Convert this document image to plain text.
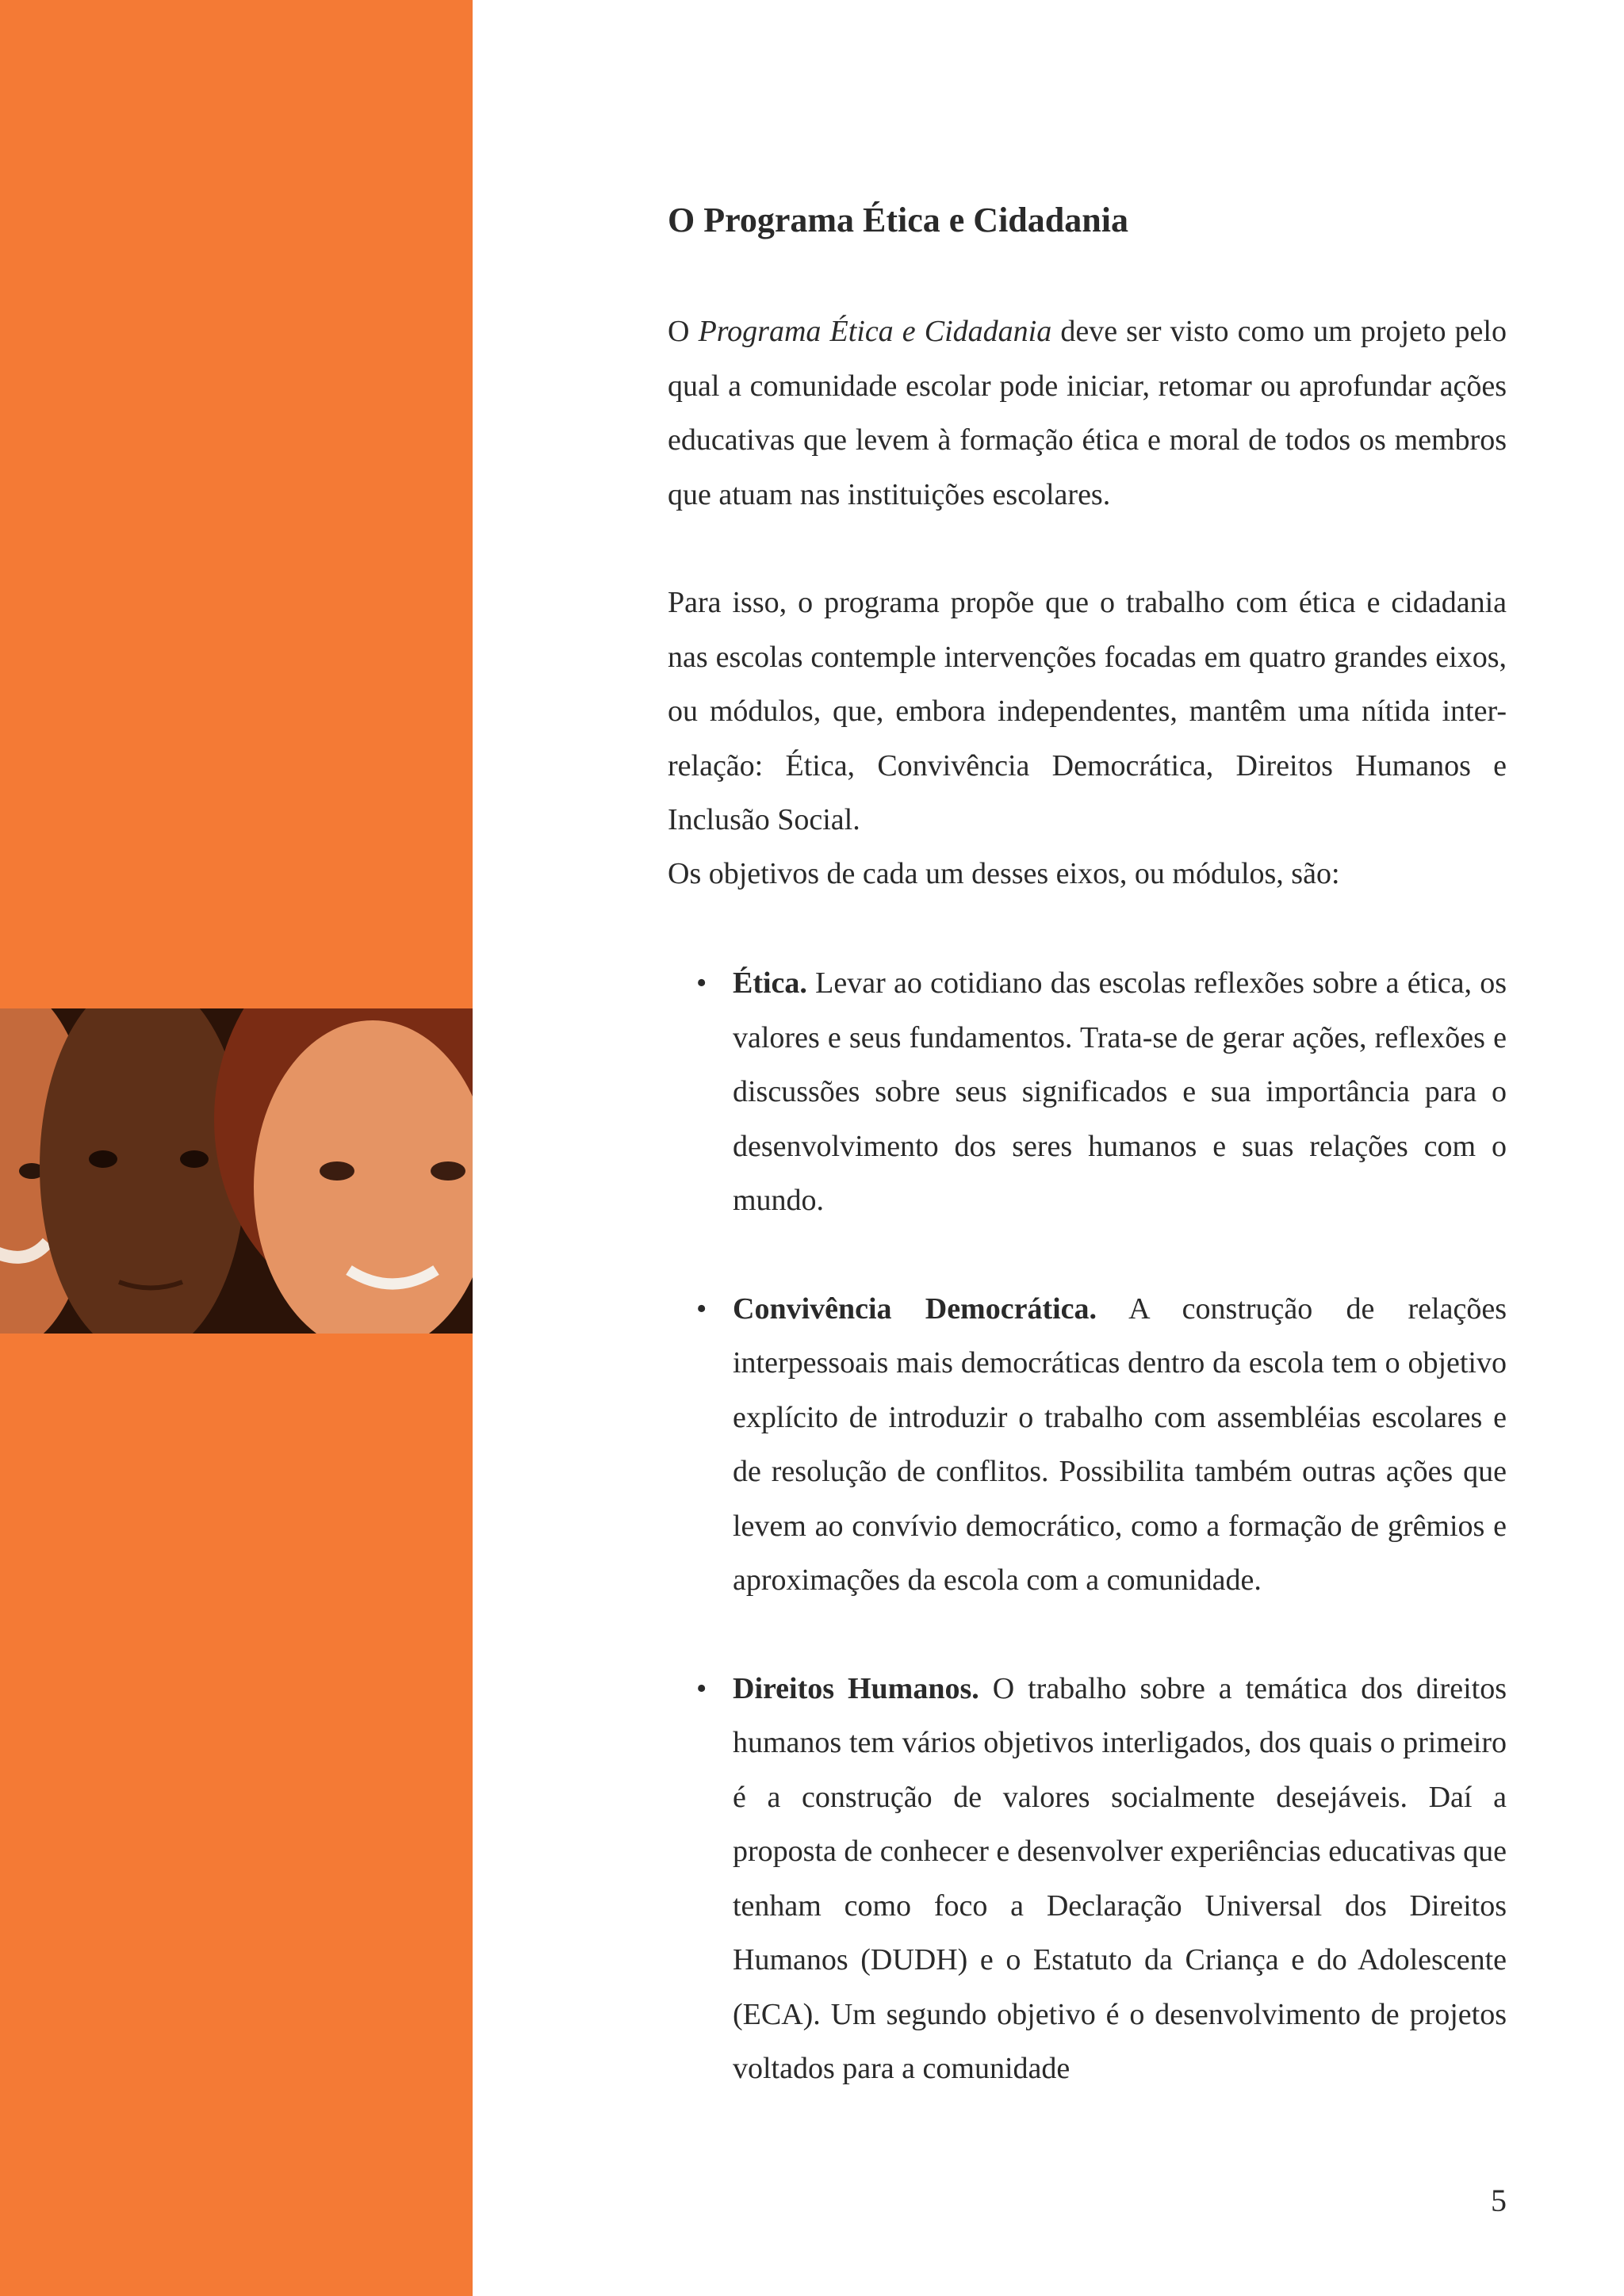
O Programa Ética e Cidadania

O Programa Ética e Cidadania deve ser visto como um projeto pelo qual a comunidade escolar pode iniciar, retomar ou aprofundar ações educativas que levem à formação ética e moral de todos os membros que atuam nas instituições escolares.

Para isso, o programa propõe que o trabalho com ética e cidadania nas escolas contemple intervenções focadas em quatro grandes eixos, ou módulos, que, embora independentes, mantêm uma nítida inter-relação: Ética, Convivência Democrática, Direitos Humanos e Inclusão Social.

Os objetivos de cada um desses eixos, ou módulos, são:

• Ética. Levar ao cotidiano das escolas reflexões sobre a ética, os valores e seus fundamentos. Trata-se de gerar ações, reflexões e discussões sobre seus significados e sua importância para o desenvolvimento dos seres humanos e suas relações com o mundo.
• Convivência Democrática. A construção de relações interpessoais mais democráticas dentro da escola tem o objetivo explícito de introduzir o trabalho com assembléias escolares e de resolução de conflitos. Possibilita também outras ações que levem ao convívio democrático, como a formação de grêmios e aproximações da escola com a comunidade.
• Direitos Humanos. O trabalho sobre a temática dos direitos humanos tem vários objetivos interligados, dos quais o primeiro é a construção de valores socialmente desejáveis. Daí a proposta de conhecer e desenvolver experiências educativas que tenham como foco a Declaração Universal dos Direitos Humanos (DUDH) e o Estatuto da Criança e do Adolescente (ECA). Um segundo objetivo é o desenvolvimento de projetos voltados para a comunidade
5
